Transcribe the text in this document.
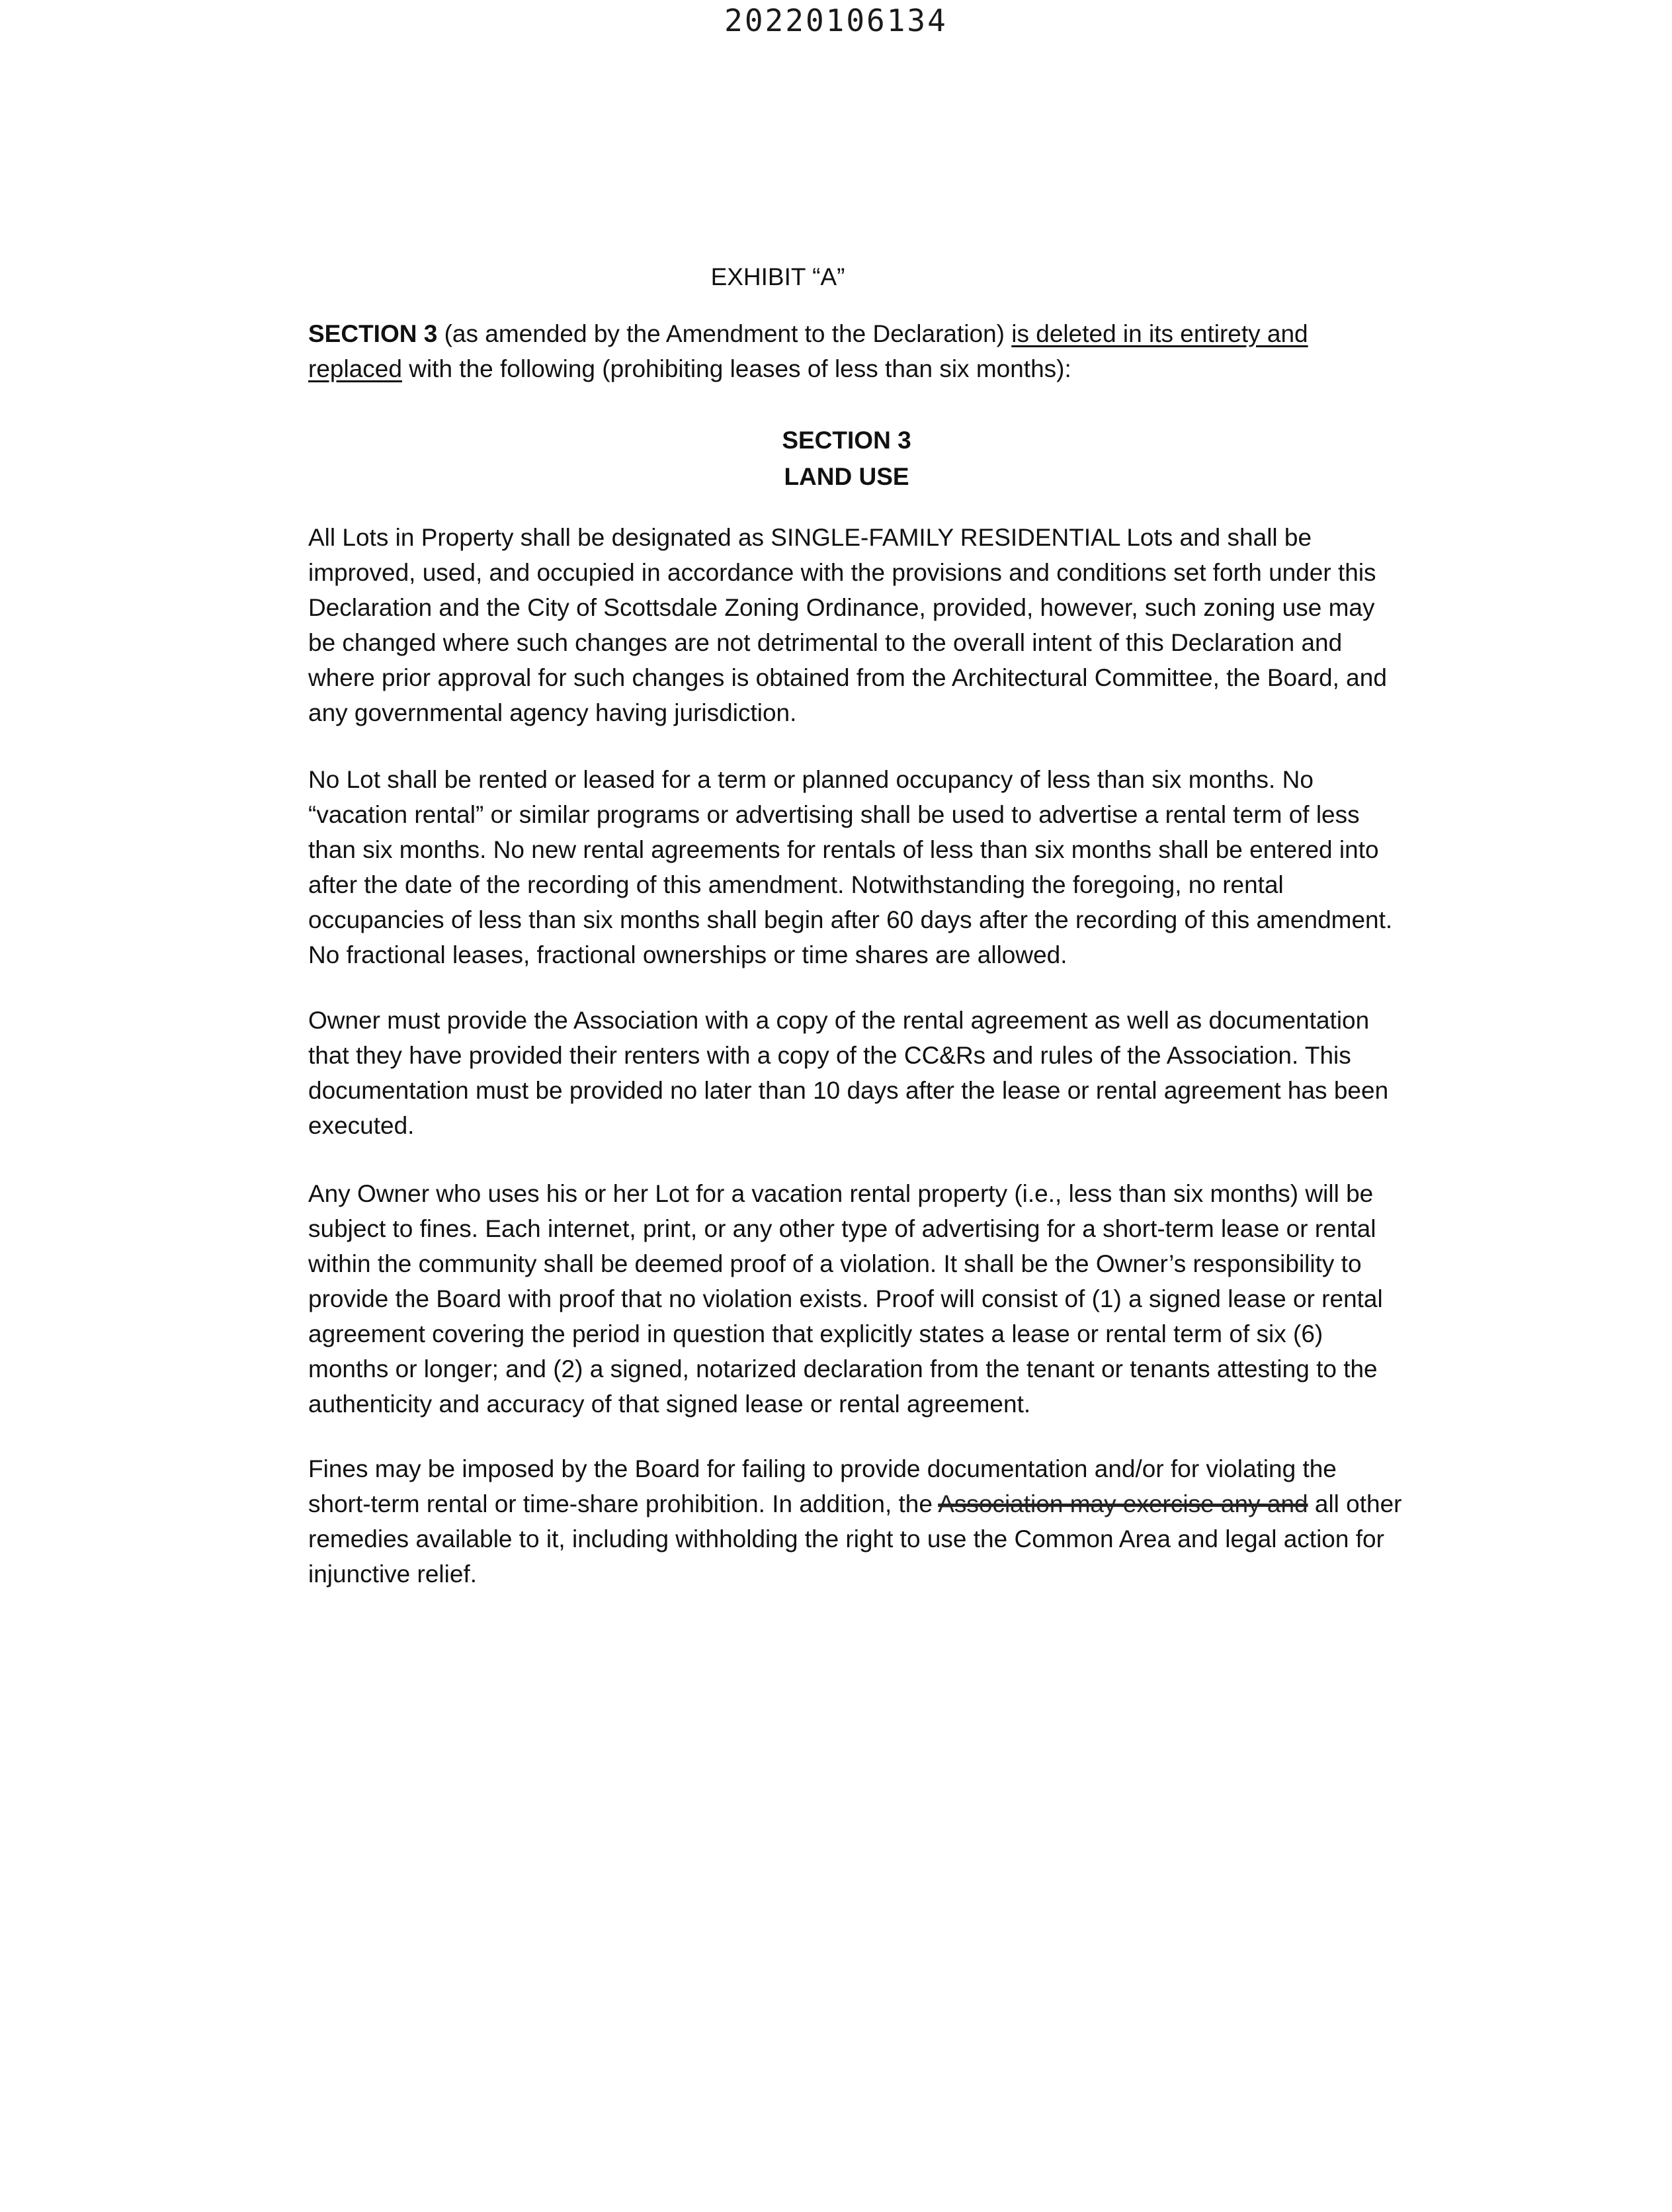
20220106134
EXHIBIT “A”
SECTION 3 (as amended by the Amendment to the Declaration) is deleted in its entirety and
replaced with the following (prohibiting leases of less than six months):
SECTION 3
LAND USE
All Lots in Property shall be designated as SINGLE-FAMILY RESIDENTIAL Lots and shall be improved, used, and occupied in accordance with the provisions and conditions set forth under this Declaration and the City of Scottsdale Zoning Ordinance, provided, however, such zoning use may be changed where such changes are not detrimental to the overall intent of this Declaration and where prior approval for such changes is obtained from the Architectural Committee, the Board, and any governmental agency having jurisdiction.
No Lot shall be rented or leased for a term or planned occupancy of less than six months. No “vacation rental” or similar programs or advertising shall be used to advertise a rental term of less than six months. No new rental agreements for rentals of less than six months shall be entered into after the date of the recording of this amendment. Notwithstanding the foregoing, no rental occupancies of less than six months shall begin after 60 days after the recording of this amendment. No fractional leases, fractional ownerships or time shares are allowed.
Owner must provide the Association with a copy of the rental agreement as well as documentation that they have provided their renters with a copy of the CC&Rs and rules of the Association. This documentation must be provided no later than 10 days after the lease or rental agreement has been executed.
Any Owner who uses his or her Lot for a vacation rental property (i.e., less than six months) will be subject to fines. Each internet, print, or any other type of advertising for a short-term lease or rental within the community shall be deemed proof of a violation. It shall be the Owner’s responsibility to provide the Board with proof that no violation exists. Proof will consist of (1) a signed lease or rental agreement covering the period in question that explicitly states a lease or rental term of six (6) months or longer; and (2) a signed, notarized declaration from the tenant or tenants attesting to the authenticity and accuracy of that signed lease or rental agreement.
Fines may be imposed by the Board for failing to provide documentation and/or for violating the short-term rental or time-share prohibition. In addition, the Association may exercise any and all other remedies available to it, including withholding the right to use the Common Area and legal action for injunctive relief.
